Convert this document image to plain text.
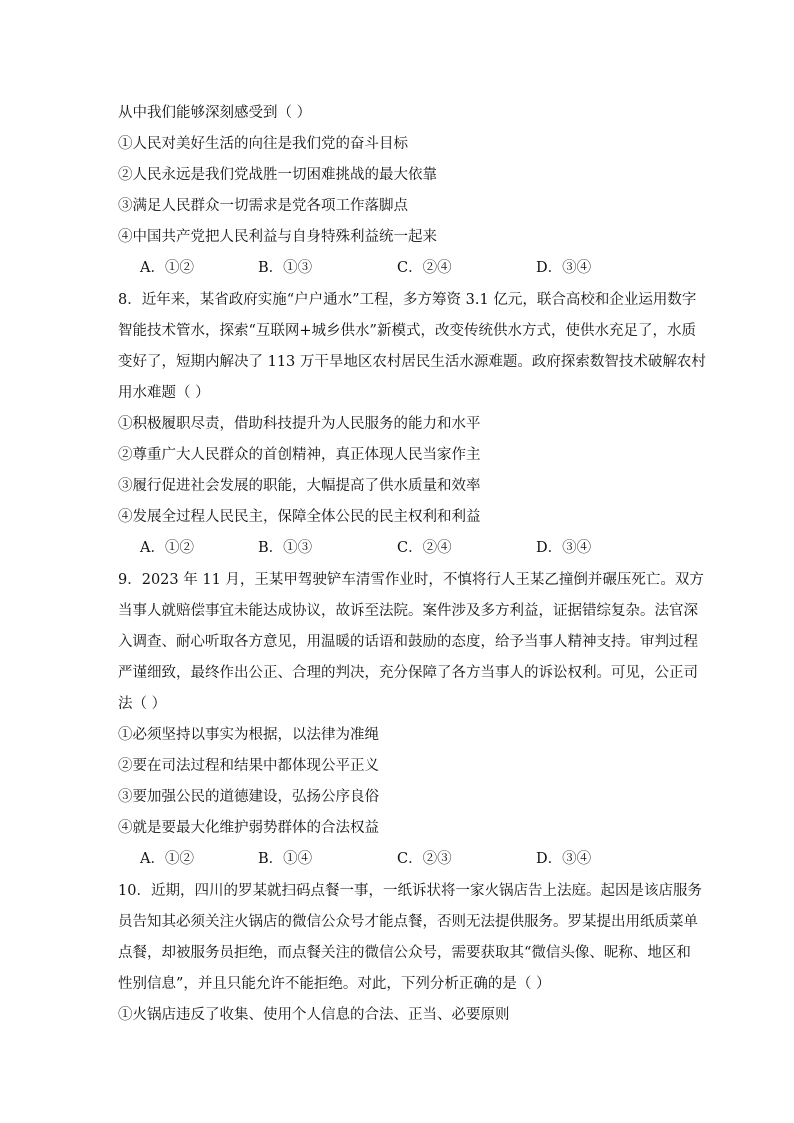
从中我们能够深刻感受到（ ）
①人民对美好生活的向往是我们党的奋斗目标
②人民永远是我们党战胜一切困难挑战的最大依靠
③满足人民群众一切需求是党各项工作落脚点
④中国共产党把人民利益与自身特殊利益统一起来
A．①②	B．①③	C．②④	D．③④
8．近年来，某省政府实施“户户通水”工程，多方筹资 3.1 亿元，联合高校和企业运用数字
智能技术管水，探索“互联网+城乡供水”新模式，改变传统供水方式，使供水充足了，水质
变好了，短期内解决了 113 万干旱地区农村居民生活水源难题。政府探索数智技术破解农村
用水难题（ ）
①积极履职尽责，借助科技提升为人民服务的能力和水平
②尊重广大人民群众的首创精神，真正体现人民当家作主
③履行促进社会发展的职能，大幅提高了供水质量和效率
④发展全过程人民民主，保障全体公民的民主权利和利益
A．①②	B．①③	C．②④	D．③④
9．2023 年 11 月，王某甲驾驶铲车清雪作业时，不慎将行人王某乙撞倒并碾压死亡。双方
当事人就赔偿事宜未能达成协议，故诉至法院。案件涉及多方利益，证据错综复杂。法官深
入调查、耐心听取各方意见，用温暖的话语和鼓励的态度，给予当事人精神支持。审判过程
严谨细致，最终作出公正、合理的判决，充分保障了各方当事人的诉讼权利。可见，公正司
法（ ）
①必须坚持以事实为根据，以法律为准绳
②要在司法过程和结果中都体现公平正义
③要加强公民的道德建设，弘扬公序良俗
④就是要最大化维护弱势群体的合法权益
A．①②	B．①④	C．②③	D．③④
10．近期，四川的罗某就扫码点餐一事，一纸诉状将一家火锅店告上法庭。起因是该店服务
员告知其必须关注火锅店的微信公众号才能点餐，否则无法提供服务。罗某提出用纸质菜单
点餐，却被服务员拒绝，而点餐关注的微信公众号，需要获取其“微信头像、昵称、地区和
性别信息”，并且只能允许不能拒绝。对此，下列分析正确的是（ ）
①火锅店违反了收集、使用个人信息的合法、正当、必要原则
